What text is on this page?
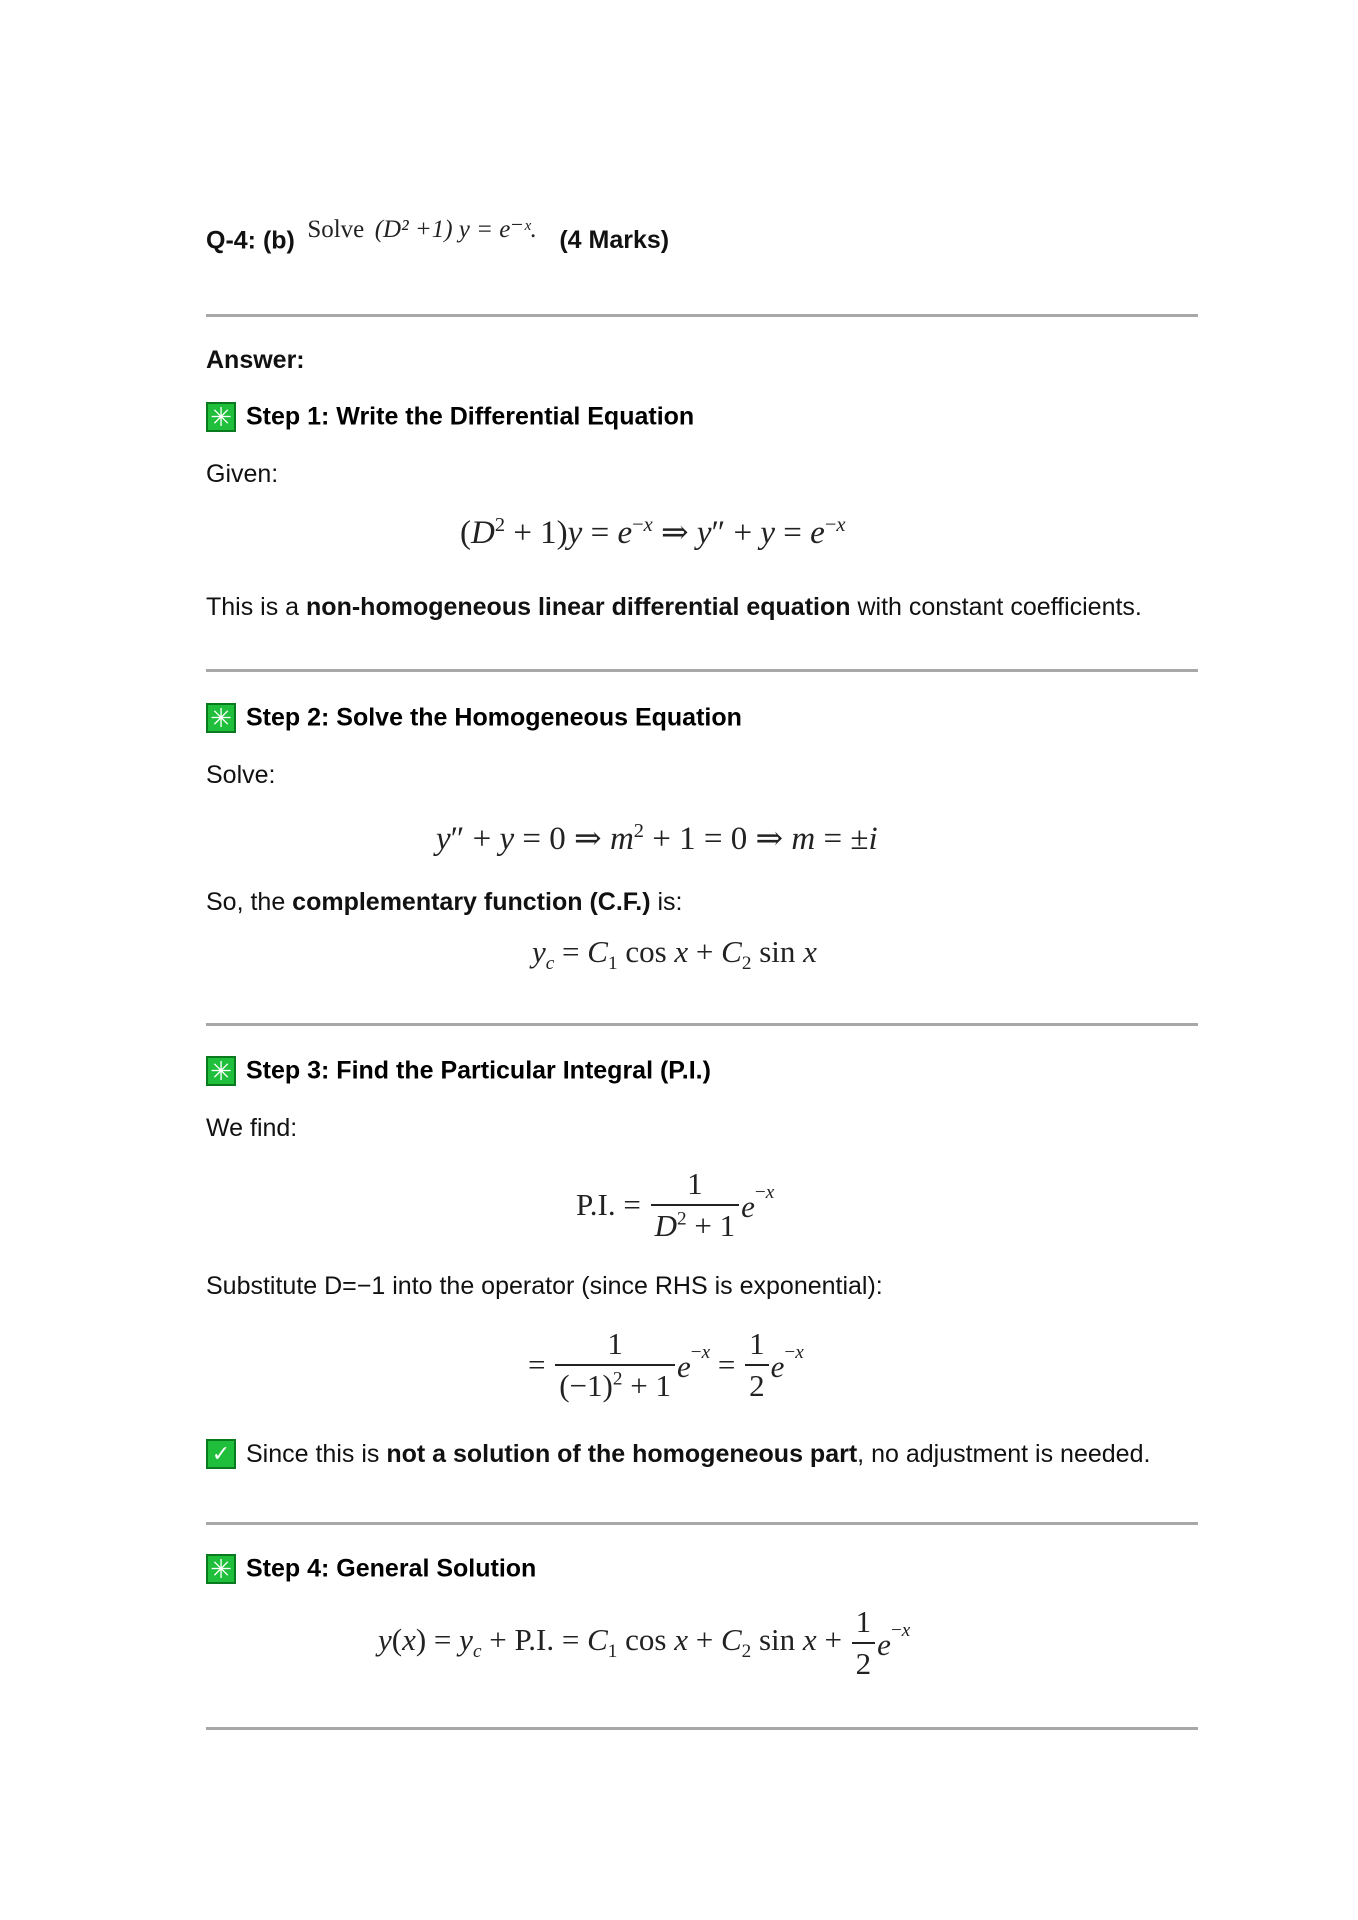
Q-4: (b) Solve (D² +1) y = e⁻ˣ. (4 Marks)
Answer:
✳ Step 1: Write the Differential Equation
Given:
$(D^2 + 1)y = e^{-x}$ ⇒ $y'' + y = e^{-x}$
This is a non-homogeneous linear differential equation with constant coefficients.
✳ Step 2: Solve the Homogeneous Equation
Solve:
y″ + y = 0 ⇒ $m^2 + 1 = 0$ ⇒ m = ±i
So, the complementary function (C.F.) is:
$y_c = C_1$ $\cos x + C_2$ sin x
✳ Step 3: Find the Particular Integral (P.I.)
We find:
P.I. = $\frac{1}{D^2 + 1} e^{-x}$
Substitute D=−1 into the operator (since RHS is exponential):
= $\frac{1}{(-1)^2 + 1} e^{-x} = \frac{1}{2} e^{-x}$
✓ Since this is not a solution of the homogeneous part, no adjustment is needed.
✳ Step 4: General Solution
$y(x) = y_c + P.I$. = $C_1$ $\cos x + C_2$ $\sin x + \frac{1}{2} e^{-x}$
